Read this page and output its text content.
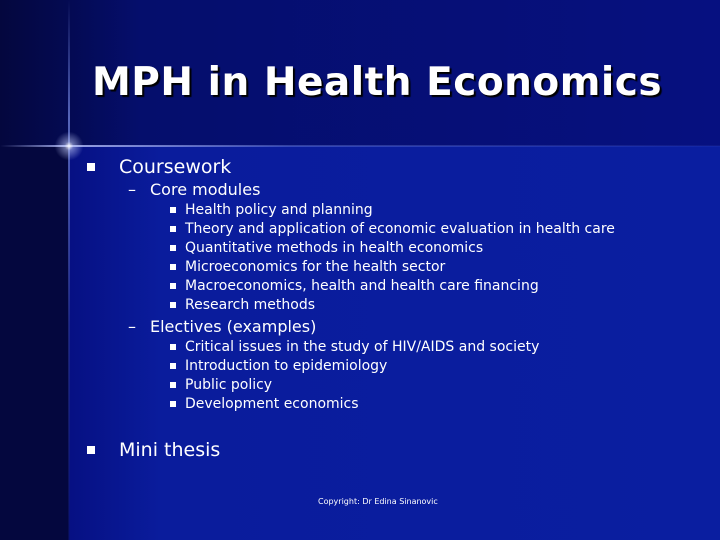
MPH in Health Economics
Coursework
– Core modules
Health policy and planning
Theory and application of economic evaluation in health care
Quantitative methods in health economics
Microeconomics for the health sector
Macroeconomics, health and health care financing
Research methods
– Electives (examples)
Critical issues in the study of HIV/AIDS and society
Introduction to epidemiology
Public policy
Development economics
Mini thesis
Copyright: Dr Edina Sinanovic
